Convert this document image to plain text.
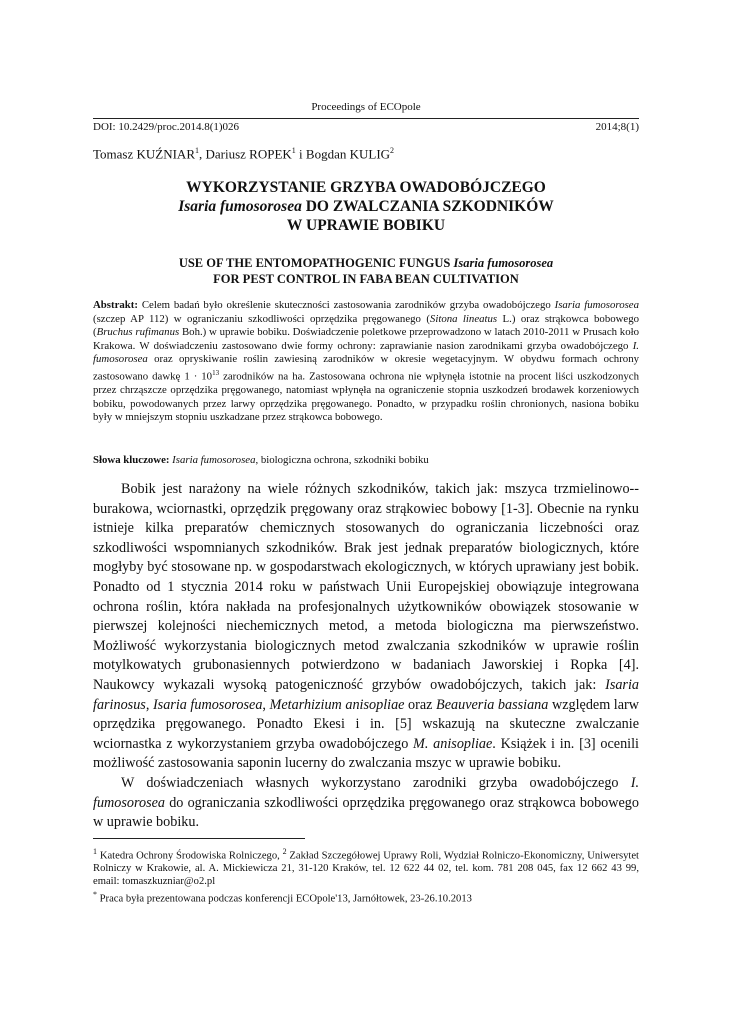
Proceedings of ECOpole
DOI: 10.2429/proc.2014.8(1)026	2014;8(1)
Tomasz KUŹNIAR$^1$, Dariusz ROPEK$^1$ i Bogdan KULIG$^2$
WYKORZYSTANIE GRZYBA OWADOBÓJCZEGO
Isaria fumosorosea DO ZWALCZANIA SZKODNIKÓW
W UPRAWIE BOBIKU
USE OF THE ENTOMOPATHOGENIC FUNGUS Isaria fumosorosea
FOR PEST CONTROL IN FABA BEAN CULTIVATION
Abstrakt: Celem badań było określenie skuteczności zastosowania zarodników grzyba owadobójczego Isaria fumosorosea (szczep AP 112) w ograniczaniu szkodliwości oprzędzika pręgowanego (Sitona lineatus L.) oraz strąkowca bobowego (Bruchus rufimanus Boh.) w uprawie bobiku. Doświadczenie poletkowe przeprowadzono w latach 2010-2011 w Prusach koło Krakowa. W doświadczeniu zastosowano dwie formy ochrony: zaprawianie nasion zarodnikami grzyba owadobójczego I. fumosorosea oraz opryskiwanie roślin zawiesiną zarodników w okresie wegetacyjnym. W obydwu formach ochrony zastosowano dawkę $1 \cdot 10^{13}$ zarodników na ha. Zastosowana ochrona nie wpłynęła istotnie na procent liści uszkodzonych przez chrząszcze oprzędzika pręgowanego, natomiast wpłynęła na ograniczenie stopnia uszkodzeń brodawek korzeniowych bobiku, powodowanych przez larwy oprzędzika pręgowanego. Ponadto, w przypadku roślin chronionych, nasiona bobiku były w mniejszym stopniu uszkadzane przez strąkowca bobowego.
Słowa kluczowe: Isaria fumosorosea, biologiczna ochrona, szkodniki bobiku

Bobik jest narażony na wiele różnych szkodników, takich jak: mszyca trzmielinowo--burakowa, wciornastki, oprzędzik pręgowany oraz strąkowiec bobowy [1-3]. Obecnie na rynku istnieje kilka preparatów chemicznych stosowanych do ograniczania liczebności oraz szkodliwości wspomnianych szkodników. Brak jest jednak preparatów biologicznych, które mogłyby być stosowane np. w gospodarstwach ekologicznych, w których uprawiany jest bobik. Ponadto od 1 stycznia 2014 roku w państwach Unii Europejskiej obowiązuje integrowana ochrona roślin, która nakłada na profesjonalnych użytkowników obowiązek stosowanie w pierwszej kolejności niechemicznych metod, a metoda biologiczna ma pierwszeństwo. Możliwość wykorzystania biologicznych metod zwalczania szkodników w uprawie roślin motylkowatych grubonasiennych potwierdzono w badaniach Jaworskiej i Ropka [4]. Naukowcy wykazali wysoką patogeniczność grzybów owadobójczych, takich jak: Isaria farinosus, Isaria fumosorosea, Metarhizium anisopliae oraz Beauveria bassiana względem larw oprzędzika pręgowanego. Ponadto Ekesi i in. [5] wskazują na skuteczne zwalczanie wciornastka z wykorzystaniem grzyba owadobójczego M. anisopliae. Książek i in. [3] ocenili możliwość zastosowania saponin lucerny do zwalczania mszyc w uprawie bobiku.

W doświadczeniach własnych wykorzystano zarodniki grzyba owadobójczego I. fumosorosea do ograniczania szkodliwości oprzędzika pręgowanego oraz strąkowca bobowego w uprawie bobiku.

$^1$ Katedra Ochrony Środowiska Rolniczego, $^2$ Zakład Szczegółowej Uprawy Roli, Wydział Rolniczo-Ekonomiczny, Uniwersytet Rolniczy w Krakowie, al. A. Mickiewicza 21, 31-120 Kraków, tel. 12 622 44 02, tel. kom. 781 208 045, fax 12 662 43 99, email: tomaszkuzniar@o2.pl

* Praca była prezentowana podczas konferencji ECOpole'13, Jarnółtowek, 23-26.10.2013
